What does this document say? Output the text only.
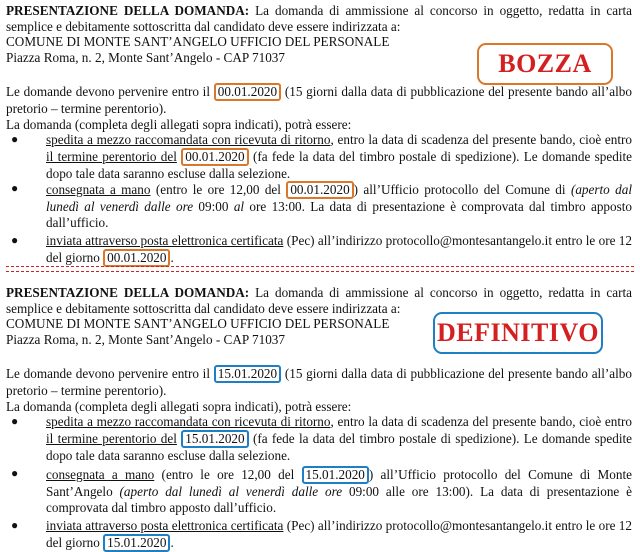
PRESENTAZIONE DELLA DOMANDA: La domanda di ammissione al concorso in oggetto, redatta in carta semplice e debitamente sottoscritta dal candidato deve essere indirizzata a:

COMUNE DI MONTE SANT’ANGELO UFFICIO DEL PERSONALE

Piazza Roma, n. 2, Monte Sant’Angelo - CAP 71037

Le domande devono pervenire entro il 00.01.2020 (15 giorni dalla data di pubblicazione del presente bando all’albo pretorio – termine perentorio).

La domanda (completa degli allegati sopra indicati), potrà essere:

● spedita a mezzo raccomandata con ricevuta di ritorno, entro la data di scadenza del presente bando, cioè entro il termine perentorio del 00.01.2020 (fa fede la data del timbro postale di spedizione). Le domande spedite dopo tale data saranno escluse dalla selezione.
● consegnata a mano (entro le ore 12,00 del 00.01.2020 ) all’Ufficio protocollo del Comune di (aperto dal lunedì al venerdì dalle ore 09:00 al ore 13:00. La data di presentazione è comprovata dal timbro apposto dall’ufficio.
● inviata attraverso posta elettronica certificata (Pec) all’indirizzo protocollo@montesantangelo.it entro le ore 12 del giorno 00.01.2020 .
BOZZA

PRESENTAZIONE DELLA DOMANDA: La domanda di ammissione al concorso in oggetto, redatta in carta semplice e debitamente sottoscritta dal candidato deve essere indirizzata a:

COMUNE DI MONTE SANT’ANGELO UFFICIO DEL PERSONALE

Piazza Roma, n. 2, Monte Sant’Angelo - CAP 71037

Le domande devono pervenire entro il 15.01.2020 (15 giorni dalla data di pubblicazione del presente bando all’albo pretorio – termine perentorio).

La domanda (completa degli allegati sopra indicati), potrà essere:

● spedita a mezzo raccomandata con ricevuta di ritorno, entro la data di scadenza del presente bando, cioè entro il termine perentorio del 15.01.2020 (fa fede la data del timbro postale di spedizione). Le domande spedite dopo tale data saranno escluse dalla selezione.
● consegnata a mano (entro le ore 12,00 del 15.01.2020 ) all’Ufficio protocollo del Comune di Monte Sant’Angelo (aperto dal lunedì al venerdì dalle ore 09:00 alle ore 13:00). La data di presentazione è comprovata dal timbro apposto dall’ufficio.
● inviata attraverso posta elettronica certificata (Pec) all’indirizzo protocollo@montesantangelo.it entro le ore 12 del giorno 15.01.2020 .
DEFINITIVO
